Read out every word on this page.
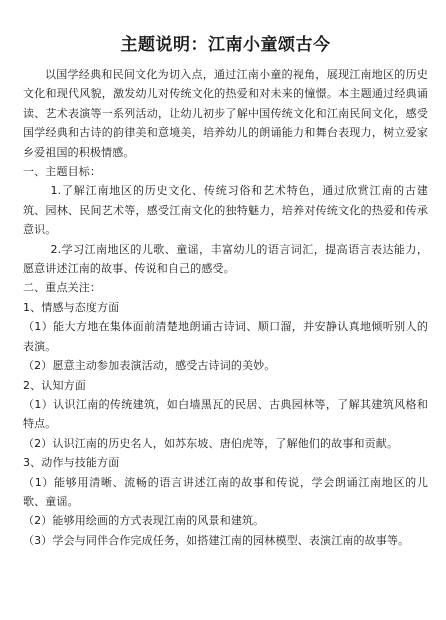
主题说明：江南小童颂古今

以国学经典和民间文化为切入点，通过江南小童的视角，展现江南地区的历史文化和现代风貌，激发幼儿对传统文化的热爱和对未来的憧憬。本主题通过经典诵读、艺术表演等一系列活动，让幼儿初步了解中国传统文化和江南民间文化，感受国学经典和古诗的韵律美和意境美，培养幼儿的朗诵能力和舞台表现力，树立爱家乡爱祖国的积极情感。

一、主题目标：

1.了解江南地区的历史文化、传统习俗和艺术特色，通过欣赏江南的古建筑、园林、民间艺术等，感受江南文化的独特魅力，培养对传统文化的热爱和传承意识。

2.学习江南地区的儿歌、童谣，丰富幼儿的语言词汇，提高语言表达能力，愿意讲述江南的故事、传说和自己的感受。

二、重点关注：

1、情感与态度方面

（1）能大方地在集体面前清楚地朗诵古诗词、顺口溜，并安静认真地倾听别人的表演。

（2）愿意主动参加表演活动，感受古诗词的美妙。

2、认知方面

（1）认识江南的传统建筑，如白墙黑瓦的民居、古典园林等，了解其建筑风格和特点。

（2）认识江南的历史名人，如苏东坡、唐伯虎等，了解他们的故事和贡献。

3、动作与技能方面

（1）能够用清晰、流畅的语言讲述江南的故事和传说，学会朗诵江南地区的儿歌、童谣。

（2）能够用绘画的方式表现江南的风景和建筑。

（3）学会与同伴合作完成任务，如搭建江南的园林模型、表演江南的故事等。
